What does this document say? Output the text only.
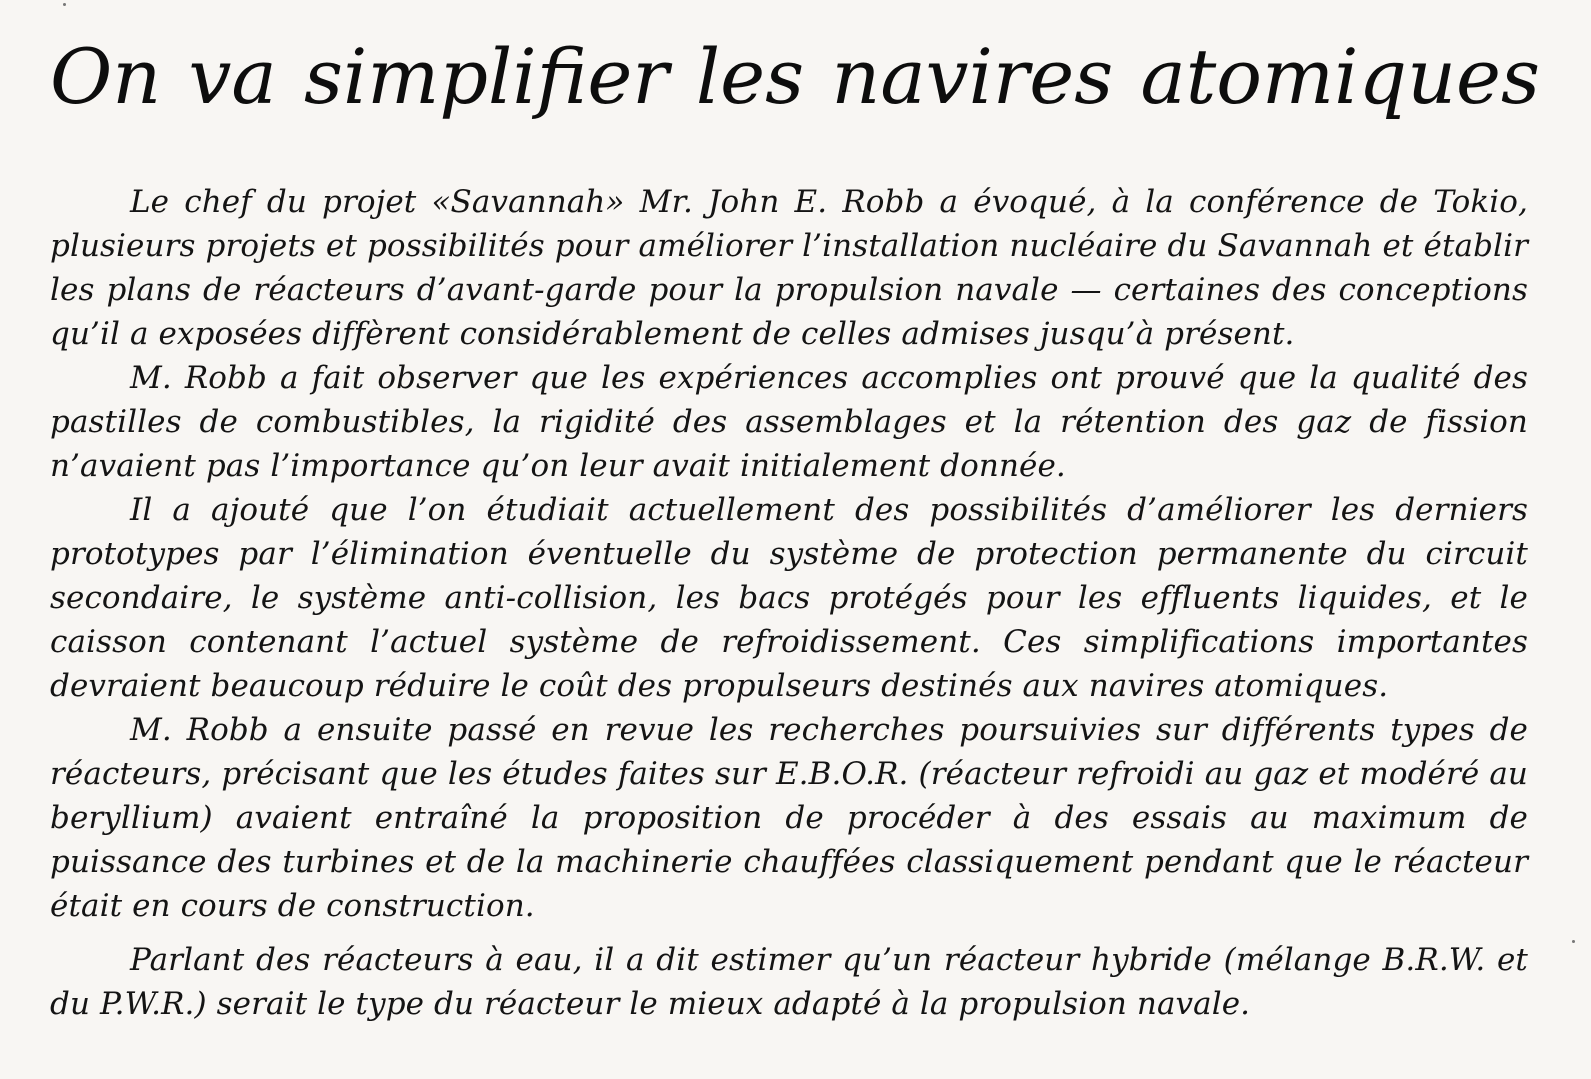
On va simplifier les navires atomiques

Le chef du projet «Savannah» Mr. John E. Robb a évoqué, à la conférence de Tokio, plusieurs projets et possibilités pour améliorer l’installation nucléaire du Savannah et établir les plans de réacteurs d’avant-garde pour la propulsion navale — certaines des conceptions qu’il a exposées diffèrent considérablement de celles admises jusqu’à présent.

M. Robb a fait observer que les expériences accomplies ont prouvé que la qualité des pastilles de combustibles, la rigidité des assemblages et la rétention des gaz de fission n’avaient pas l’importance qu’on leur avait initialement donnée.

Il a ajouté que l’on étudiait actuellement des possibilités d’améliorer les derniers prototypes par l’élimination éventuelle du système de protection permanente du circuit secondaire, le système anti-collision, les bacs protégés pour les effluents liquides, et le caisson contenant l’actuel système de refroidissement. Ces simplifications importantes devraient beaucoup réduire le coût des propulseurs destinés aux navires atomiques.

M. Robb a ensuite passé en revue les recherches poursuivies sur différents types de réacteurs, précisant que les études faites sur E.B.O.R. (réacteur refroidi au gaz et modéré au beryllium) avaient entraîné la proposition de procéder à des essais au maximum de puissance des turbines et de la machinerie chauffées classiquement pendant que le réacteur était en cours de construction.

Parlant des réacteurs à eau, il a dit estimer qu’un réacteur hybride (mélange B.R.W. et du P.W.R.) serait le type du réacteur le mieux adapté à la propulsion navale.
